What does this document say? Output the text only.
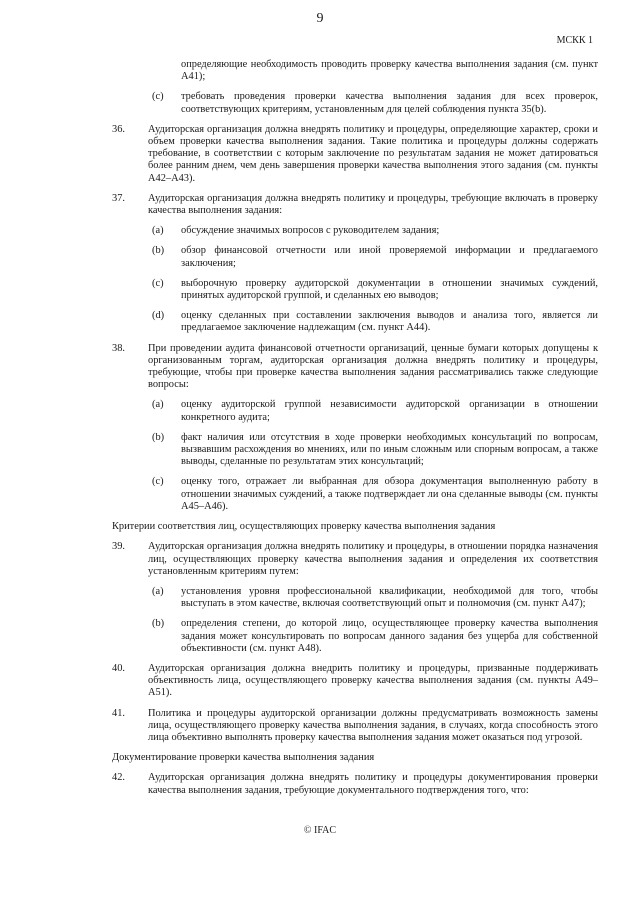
9
МСКК 1
определяющие необходимость проводить проверку качества выполнения задания (см. пункт A41);
(c) требовать проведения проверки качества выполнения задания для всех проверок, соответствующих критериям, установленным для целей соблюдения пункта 35(b).
36.	Аудиторская организация должна внедрять политику и процедуры, определяющие характер, сроки и объем проверки качества выполнения задания. Такие политика и процедуры должны содержать требование, в соответствии с которым заключение по результатам задания не может датироваться более ранним днем, чем день завершения проверки качества выполнения этого задания (см. пункты A42–A43).
37.	Аудиторская организация должна внедрять политику и процедуры, требующие включать в проверку качества выполнения задания:
(a) обсуждение значимых вопросов с руководителем задания;
(b) обзор финансовой отчетности или иной проверяемой информации и предлагаемого заключения;
(c) выборочную проверку аудиторской документации в отношении значимых суждений, принятых аудиторской группой, и сделанных ею выводов;
(d) оценку сделанных при составлении заключения выводов и анализа того, является ли предлагаемое заключение надлежащим (см. пункт A44).
38.	При проведении аудита финансовой отчетности организаций, ценные бумаги которых допущены к организованным торгам, аудиторская организация должна внедрять политику и процедуры, требующие, чтобы при проверке качества выполнения задания рассматривались также следующие вопросы:
(a) оценку аудиторской группой независимости аудиторской организации в отношении конкретного аудита;
(b) факт наличия или отсутствия в ходе проверки необходимых консультаций по вопросам, вызвавшим расхождения во мнениях, или по иным сложным или спорным вопросам, а также выводы, сделанные по результатам этих консультаций;
(c) оценку того, отражает ли выбранная для обзора документация выполненную работу в отношении значимых суждений, а также подтверждает ли она сделанные выводы (см. пункты A45–A46).
Критерии соответствия лиц, осуществляющих проверку качества выполнения задания
39.	Аудиторская организация должна внедрять политику и процедуры, в отношении порядка назначения лиц, осуществляющих проверку качества выполнения задания и определения их соответствия установленным критериям путем:
(a) установления уровня профессиональной квалификации, необходимой для того, чтобы выступать в этом качестве, включая соответствующий опыт и полномочия (см. пункт A47);
(b) определения степени, до которой лицо, осуществляющее проверку качества выполнения задания может консультировать по вопросам данного задания без ущерба для собственной объективности (см. пункт A48).
40.	Аудиторская организация должна внедрить политику и процедуры, призванные поддерживать объективность лица, осуществляющего проверку качества выполнения задания (см. пункты A49–A51).
41.	Политика и процедуры аудиторской организации должны предусматривать возможность замены лица, осуществляющего проверку качества выполнения задания, в случаях, когда способность этого лица объективно выполнять проверку качества выполнения задания может оказаться под угрозой.
Документирование проверки качества выполнения задания
42.	Аудиторская организация должна внедрять политику и процедуры документирования проверки качества выполнения задания, требующие документального подтверждения того, что:
© IFAC
